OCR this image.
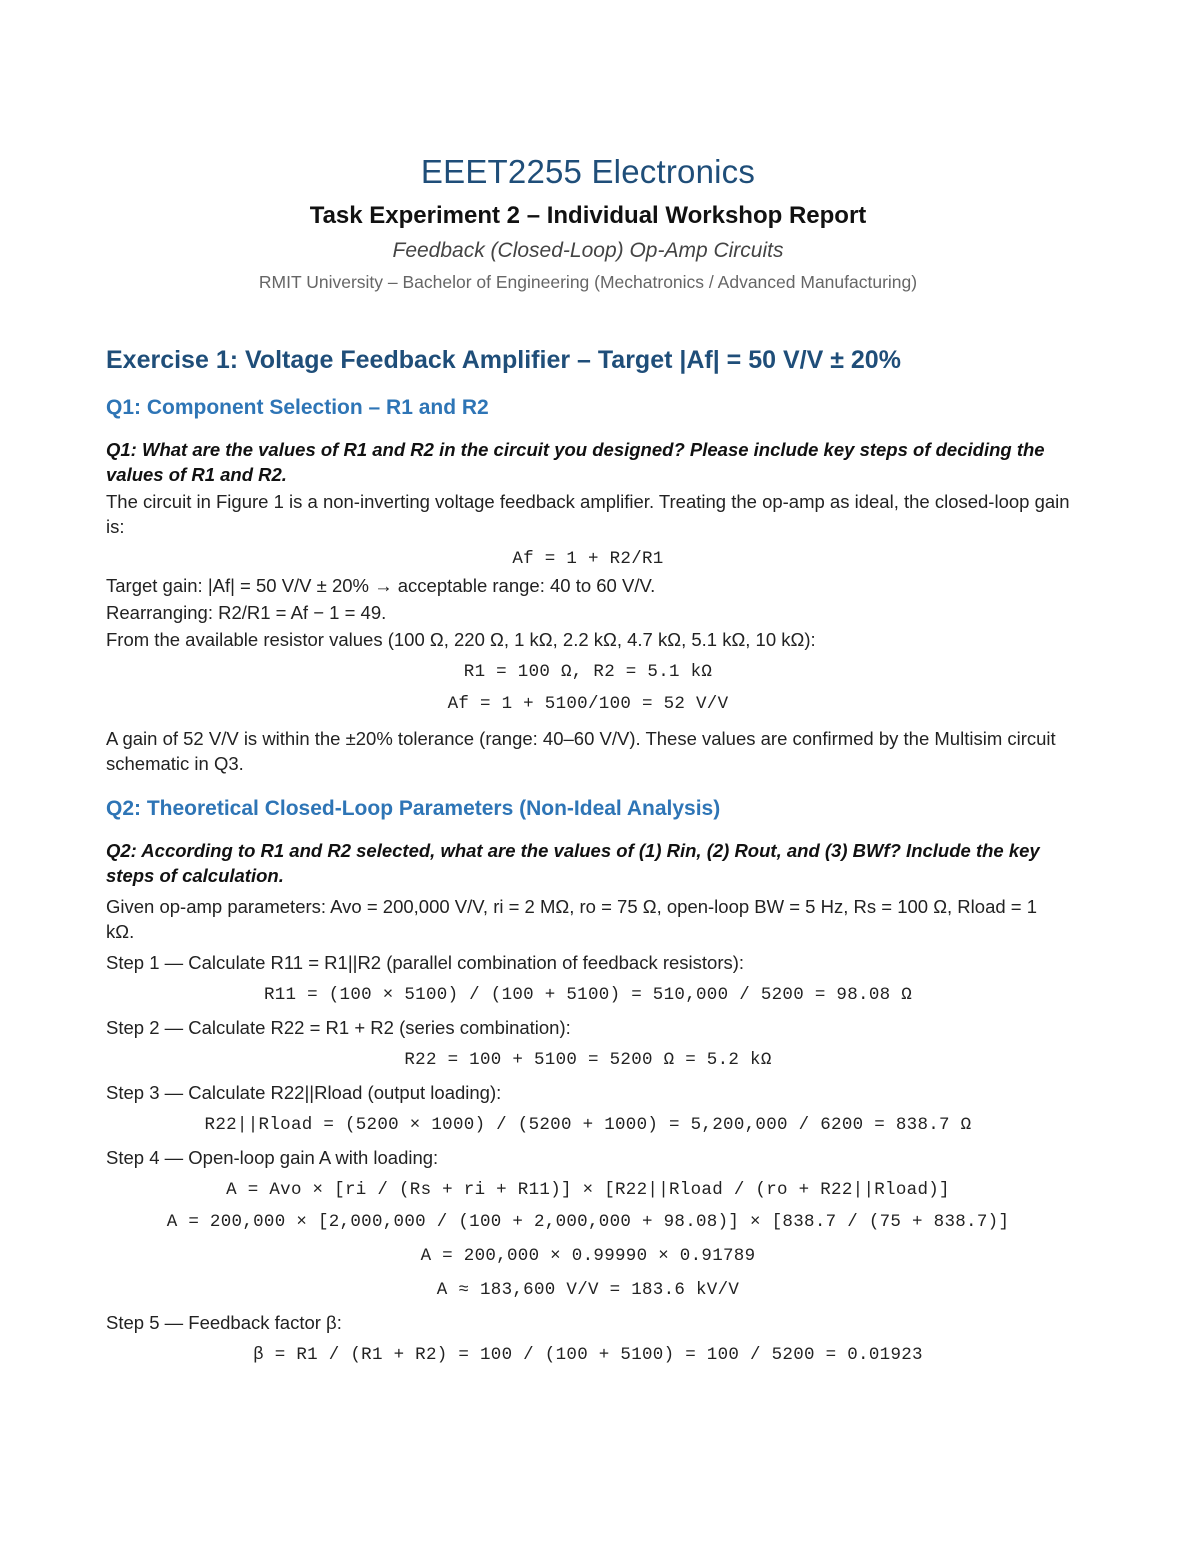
EEET2255 Electronics
Task Experiment 2 – Individual Workshop Report
Feedback (Closed-Loop) Op-Amp Circuits
RMIT University – Bachelor of Engineering (Mechatronics / Advanced Manufacturing)
Exercise 1: Voltage Feedback Amplifier – Target |Af| = 50 V/V ± 20%
Q1: Component Selection – R1 and R2
Q1: What are the values of R1 and R2 in the circuit you designed? Please include key steps of deciding the values of R1 and R2.
The circuit in Figure 1 is a non-inverting voltage feedback amplifier. Treating the op-amp as ideal, the closed-loop gain is:
Af = 1 + R2/R1
Target gain: |Af| = 50 V/V ± 20% → acceptable range: 40 to 60 V/V.
Rearranging: R2/R1 = Af − 1 = 49.
From the available resistor values (100 Ω, 220 Ω, 1 kΩ, 2.2 kΩ, 4.7 kΩ, 5.1 kΩ, 10 kΩ):
R1 = 100 Ω, R2 = 5.1 kΩ
Af = 1 + 5100/100 = 52 V/V
A gain of 52 V/V is within the ±20% tolerance (range: 40–60 V/V). These values are confirmed by the Multisim circuit schematic in Q3.
Q2: Theoretical Closed-Loop Parameters (Non-Ideal Analysis)
Q2: According to R1 and R2 selected, what are the values of (1) Rin, (2) Rout, and (3) BWf? Include the key steps of calculation.
Given op-amp parameters: Avo = 200,000 V/V, ri = 2 MΩ, ro = 75 Ω, open-loop BW = 5 Hz, Rs = 100 Ω, Rload = 1 kΩ.
Step 1 — Calculate R11 = R1||R2 (parallel combination of feedback resistors):
R11 = (100 × 5100) / (100 + 5100) = 510,000 / 5200 = 98.08 Ω
Step 2 — Calculate R22 = R1 + R2 (series combination):
R22 = 100 + 5100 = 5200 Ω = 5.2 kΩ
Step 3 — Calculate R22||Rload (output loading):
R22||Rload = (5200 × 1000) / (5200 + 1000) = 5,200,000 / 6200 = 838.7 Ω
Step 4 — Open-loop gain A with loading:
A = Avo × [ri / (Rs + ri + R11)] × [R22||Rload / (ro + R22||Rload)]
A = 200,000 × [2,000,000 / (100 + 2,000,000 + 98.08)] × [838.7 / (75 + 838.7)]
A = 200,000 × 0.99990 × 0.91789
A ≈ 183,600 V/V = 183.6 kV/V
Step 5 — Feedback factor β:
β = R1 / (R1 + R2) = 100 / (100 + 5100) = 100 / 5200 = 0.01923
